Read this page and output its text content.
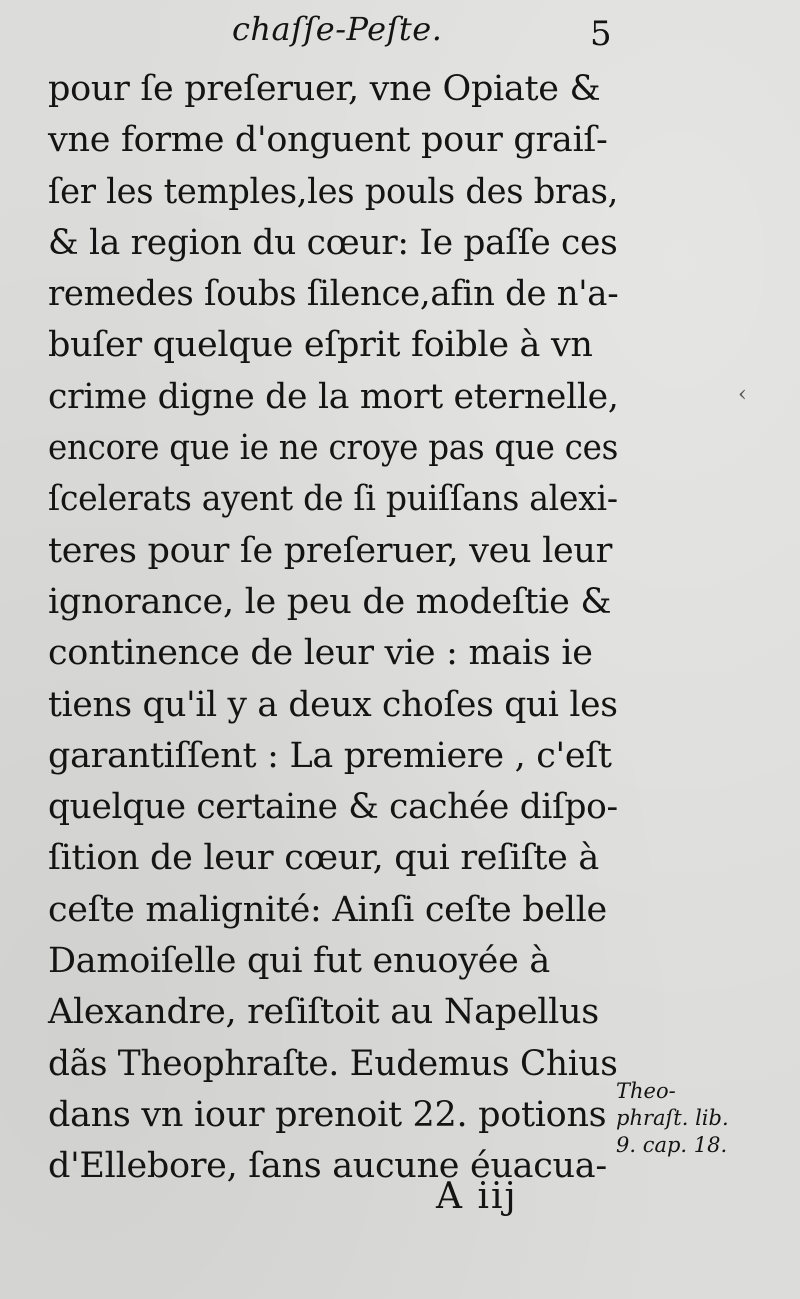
chaſſe-Peſte.	5
pour ſe preſeruer, vne Opiate &
vne forme d'onguent pour graiſ-
ſer les temples,les pouls des bras,
& la region du cœur: Ie paſſe ces
remedes ſoubs ſilence,afin de n'a-
buſer quelque eſprit foible à vn
crime digne de la mort eternelle,
encore que ie ne croye pas que ces
ſcelerats ayent de ſi puiſſans alexi-
teres pour ſe preſeruer, veu leur
ignorance, le peu de modeſtie &
continence de leur vie : mais ie
tiens qu'il y a deux choſes qui les
garantiſſent : La premiere , c'eſt
quelque certaine & cachée diſpo-
ſition de leur cœur, qui reſiſte à
ceſte malignité: Ainſi ceſte belle
Damoiſelle qui fut enuoyée à
Alexandre, reſiſtoit au Napellus
dãs Theophraſte. Eudemus Chius
dans vn iour prenoit 22. potions
d'Ellebore, ſans aucune éuacua-
‹
Theo-
phraſt. lib.
9. cap. 18.
A iij
